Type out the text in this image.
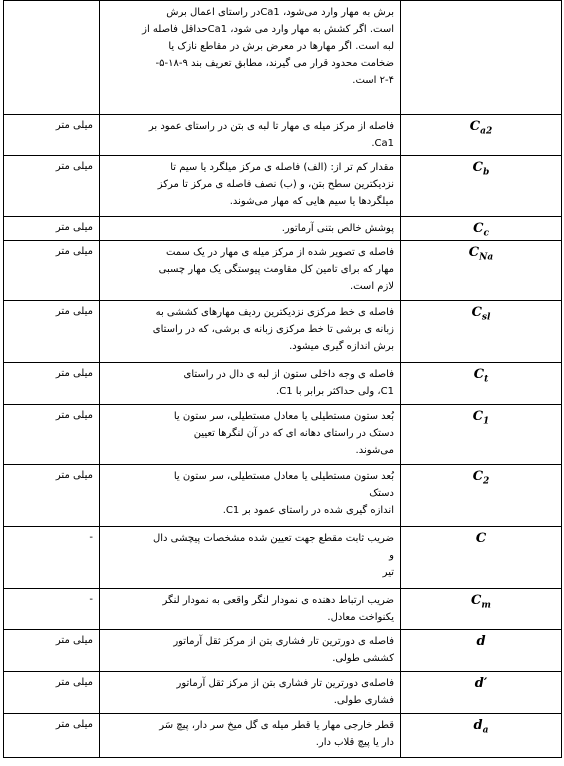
	برش به مهار وارد می‌شود، Ca1در راستای اعمال برش
است. اگر کشش به مهار وارد می شود، Ca1حداقل فاصله از
لبه است. اگر مهارها در معرض برش در مقاطع نازک یا
ضخامت محدود قرار می گیرند، مطابق تعریف بند ۹-۱۸-۵-
۲-۴ است.	

میلی متر	فاصله از مرکز میله ی مهار تا لبه ی بتن در راستای عمود بر
Ca1.	$C_{a2}$
میلی متر	مقدار کم تر از: (الف) فاصله ی مرکز میلگرد یا سیم تا
نزدیکترین سطح بتن، و (ب) نصف فاصله ی مرکز تا مرکز
میلگردها یا سیم هایی که مهار می‌شوند.	$C_b$
میلی متر	پوشش خالص بتنی آرماتور.	$C_c$
میلی متر	فاصله ی تصویر شده از مرکز میله ی مهار در یک سمت
مهار که برای تامین کل مقاومت پیوستگی یک مهار چسبی
لازم است.	$C_{Na}$
میلی متر	فاصله ی خط مرکزی نزدیکترین ردیف مهارهای کششی به
زبانه ی برشی تا خط مرکزی زبانه ی برشی، که در راستای
برش اندازه گیری میشود.	$C_{sl}$
میلی متر	فاصله ی وجه داخلی ستون از لبه ی دال در راستای
C1، ولی حداکثر برابر با C1.	$C_t$
میلی متر	بُعد ستون مستطیلی یا معادل مستطیلی، سر ستون یا
دستک در راستای دهانه ای که در آن لنگرها تعیین
می‌شوند.	$C_1$
میلی متر	بُعد ستون مستطیلی یا معادل مستطیلی، سر ستون یا
دستک
اندازه گیری شده در راستای عمود بر C1.	$C_2$
-	ضریب ثابت مقطع جهت تعیین شده مشخصات پیچشی دال
و
تیر	C
-	ضریب ارتباط دهنده ی نمودار لنگر واقعی به نمودار لنگر
یکنواخت معادل.	$C_m$
میلی متر	فاصله ی دورترین تار فشاری بتن از مرکز ثقل آرماتور
کششی طولی.	d
میلی متر	فاصله‌ی دورترین تار فشاری بتن از مرکز ثقل آرماتور
فشاری طولی.	d′
میلی متر	قطر خارجی مهار یا قطر میله ی گل میخ سر دار، پیچ سَر
دار یا پیچ قلاب دار.	$d_a$
